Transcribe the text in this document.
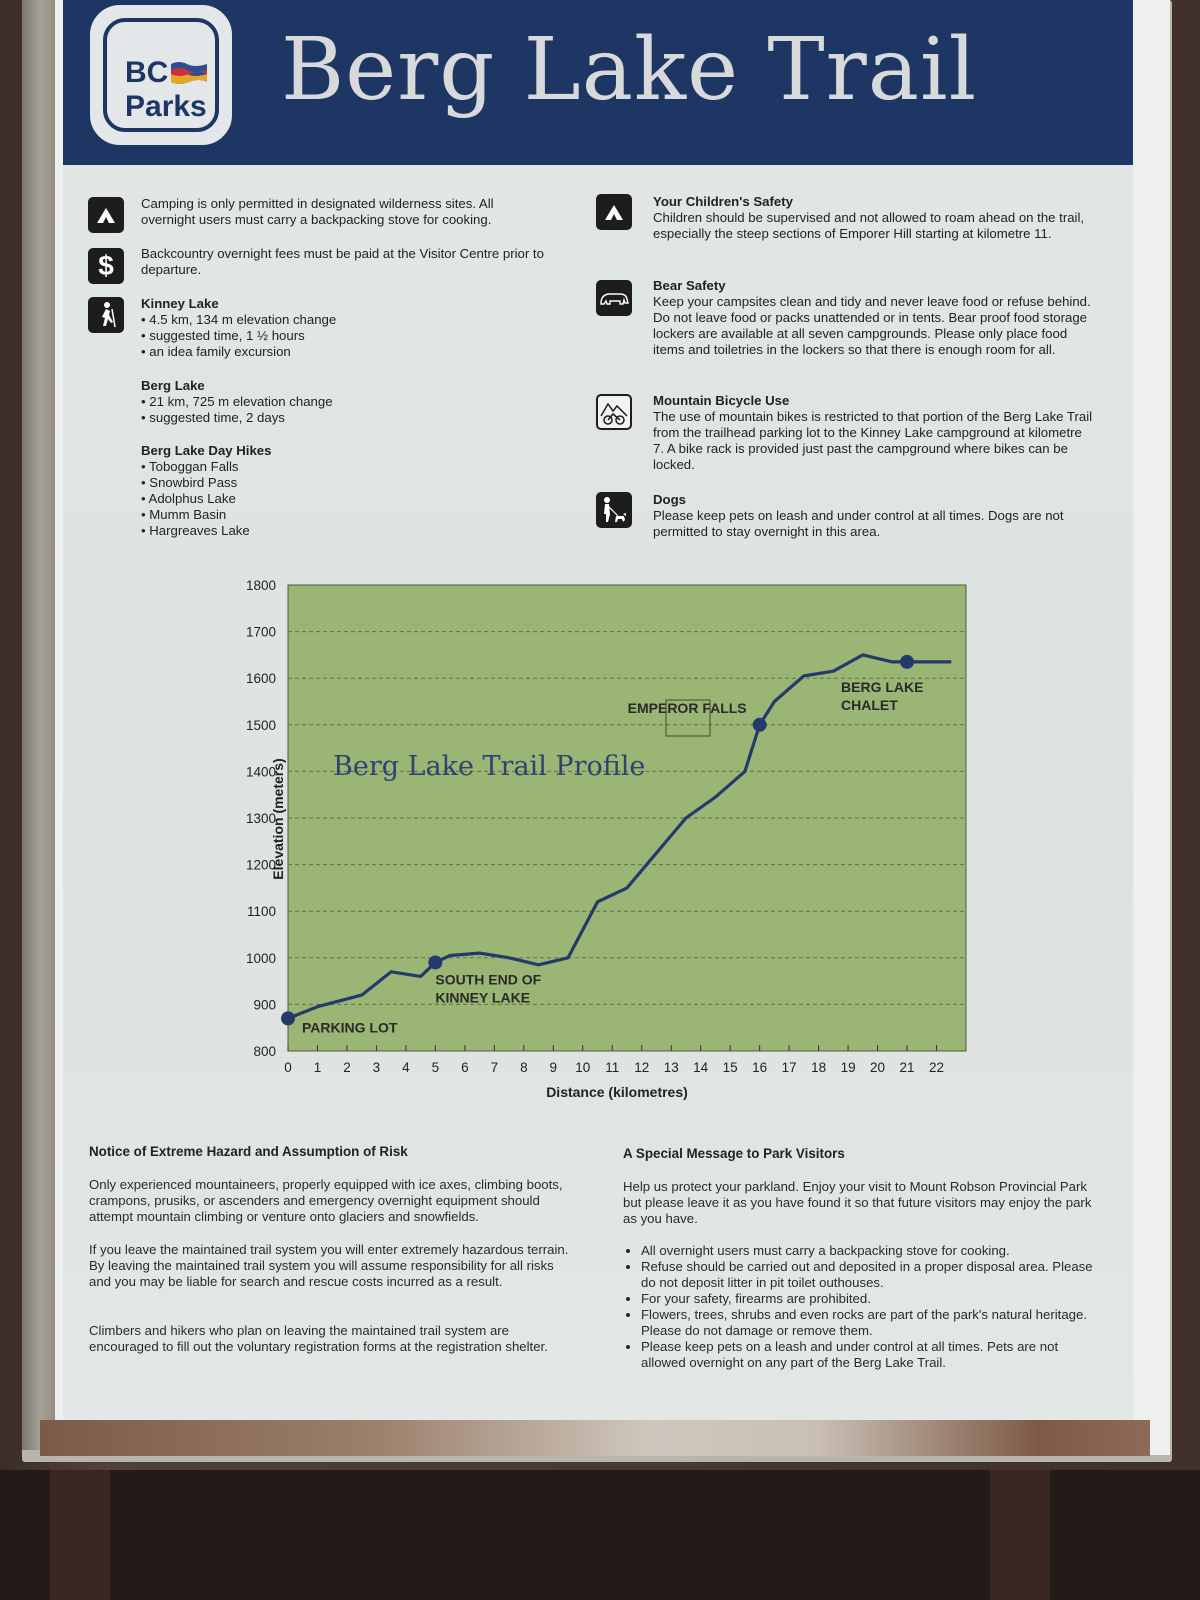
BC
Parks Berg Lake Trail
Camping is only permitted in designated wilderness sites. All overnight users must carry a backpacking stove for cooking.
$	Backcountry overnight fees must be paid at the Visitor Centre prior to departure.
Kinney Lake
• 4.5 km, 134 m elevation change
• suggested time, 1 ½ hours
• an idea family excursion
Berg Lake
• 21 km, 725 m elevation change
• suggested time, 2 days
Berg Lake Day Hikes
• Toboggan Falls
• Snowbird Pass
• Adolphus Lake
• Mumm Basin
• Hargreaves Lake
Your Children's Safety
Children should be supervised and not allowed to roam ahead on the trail, especially the steep sections of Emporer Hill starting at kilometre 11.
Bear Safety
Keep your campsites clean and tidy and never leave food or refuse behind. Do not leave food or packs unattended or in tents. Bear proof food storage lockers are available at all seven campgrounds. Please only place food items and toiletries in the lockers so that there is enough room for all.
Mountain Bicycle Use
The use of mountain bikes is restricted to that portion of the Berg Lake Trail from the trailhead parking lot to the Kinney Lake campground at kilometre 7. A bike rack is provided just past the campground where bikes can be locked.
Dogs
Please keep pets on leash and under control at all times. Dogs are not permitted to stay overnight in this area.
800
900
1000
1100
1200
1300
1400
1500
1600
1700
1800
0 1 2 3 4 5 6 7 8 9 10 11 12 13 14 15 16 17 18 19 20 21 22
PARKING LOT
SOUTH END OF
KINNEY LAKE
EMPEROR FALLS
BERG LAKE
CHALET
Berg Lake Trail Profile
Distance (kilometres)
Elevation (meters)
Notice of Extreme Hazard and Assumption of Risk
Only experienced mountaineers, properly equipped with ice axes, climbing boots, crampons, prusiks, or ascenders and emergency overnight equipment should attempt mountain climbing or venture onto glaciers and snowfields.
If you leave the maintained trail system you will enter extremely hazardous terrain. By leaving the maintained trail system you will assume responsibility for all risks and you may be liable for search and rescue costs incurred as a result.
Climbers and hikers who plan on leaving the maintained trail system are encouraged to fill out the voluntary registration forms at the registration shelter.
A Special Message to Park Visitors
Help us protect your parkland. Enjoy your visit to Mount Robson Provincial Park but please leave it as you have found it so that future visitors may enjoy the park as you have.
• All overnight users must carry a backpacking stove for cooking.
• Refuse should be carried out and deposited in a proper disposal area. Please do not deposit litter in pit toilet outhouses.
• For your safety, firearms are prohibited.
• Flowers, trees, shrubs and even rocks are part of the park's natural heritage. Please do not damage or remove them.
• Please keep pets on a leash and under control at all times. Pets are not allowed overnight on any part of the Berg Lake Trail.
